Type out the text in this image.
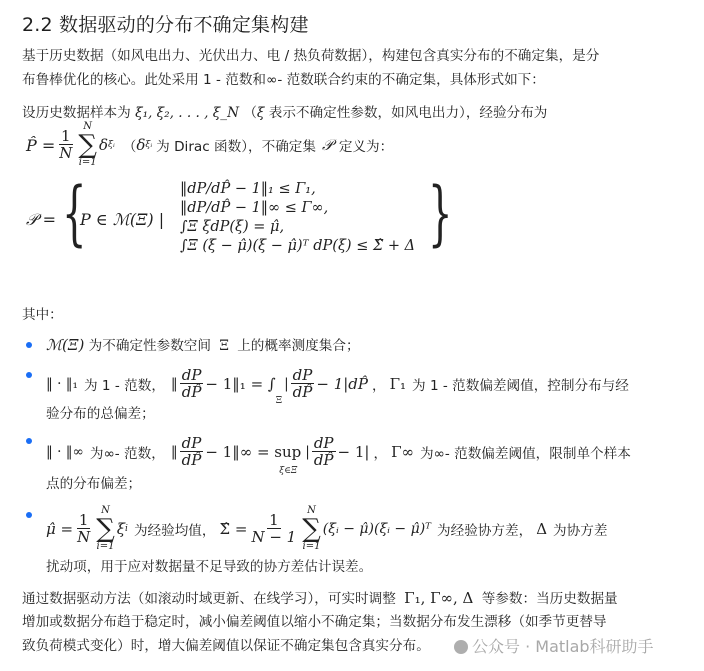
2.2 数据驱动的分布不确定集构建
基于历史数据（如风电出力、光伏出力、电 / 热负荷数据），构建包含真实分布的不确定集，是分
布鲁棒优化的核心。此处采用 1 - 范数和∞- 范数联合约束的不确定集，具体形式如下：
设历史数据样本为 ξ₁, ξ₂, . . . , ξ_N （ξ 表示不确定性参数，如风电出力），经验分布为
P̂ = $\frac{1}{N}$
N
∑
i=1
δ ξᵢ （ δ ξᵢ 为 Dirac 函数），不确定集 𝒫 定义为：
𝒫 = {
P ∈ ℳ(Ξ) |
‖dP/dP̂ − 1‖₁ ≤ Γ₁,
‖dP/dP̂ − 1‖∞ ≤ Γ∞,
∫Ξ ξdP(ξ) = μ̂,
∫Ξ (ξ − μ̂)(ξ − μ̂)ᵀ dP(ξ) ≤ Σ̂ + Δ }
其中：
ℳ(Ξ) 为不确定性参数空间 Ξ 上的概率测度集合；
‖ · ‖₁ 为 1 - 范数， ‖ $\frac{dP}{dP̂}$ − 1‖₁ = ∫
Ξ
| $\frac{dP}{dP̂}$ − 1|dP̂ ， Γ₁ 为 1 - 范数偏差阈值，控制分布与经
验分布的总偏差；
‖ · ‖∞ 为∞- 范数， ‖ $\frac{dP}{dP̂}$ − 1‖∞ = sup
ξ∈Ξ
| $\frac{dP}{dP̂} - 1|$ ， Γ∞ 为∞- 范数偏差阈值，限制单个样本
点的分布偏差；
μ̂ = $\frac{1}{N}$
N
∑
i=1
ξ i 为经验均值， Σ̂ = $\frac{1}{N - 1}$
N
∑
i=1
(ξᵢ − μ̂)(ξᵢ − μ̂)ᵀ 为经验协方差， Δ 为协方差
扰动项，用于应对数据量不足导致的协方差估计误差。
通过数据驱动方法（如滚动时域更新、在线学习），可实时调整 Γ₁, Γ∞, Δ 等参数：当历史数据量
增加或数据分布趋于稳定时，减小偏差阈值以缩小不确定集；当数据分布发生漂移（如季节更替导
致负荷模式变化）时，增大偏差阈值以保证不确定集包含真实分布。	公众号 · Matlab科研助手
